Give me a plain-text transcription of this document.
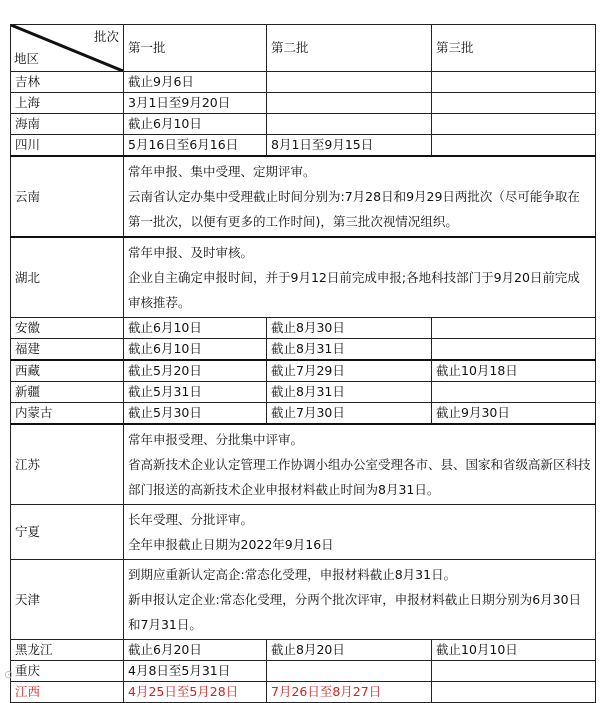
批次
地区	第一批	第二批	第三批
吉林	截止9月6日		
上海	3月1日至9月20日		
海南	截止6月10日		
四川	5月16日至6月16日	8月1日至9月15日	
云南	常年申报、集中受理、定期评审。
云南省认定办集中受理截止时间分别为:7月28日和9月29日两批次（尽可能争取在第一批次，以便有更多的工作时间)，第三批次视情况组织。		

湖北	常年申报、及时审核。
企业自主确定申报时间，并于9月12日前完成申报;各地科技部门于9月20日前完成审核推荐。		

安徽	截止6月10日	截止8月30日	
福建	截止6月10日	截止8月31日	
西藏	截止5月20日	截止7月29日	截止10月18日
新疆	截止5月31日	截止8月31日	
内蒙古	截止5月30日	截止7月30日	截止9月30日
江苏	常年申报受理、分批集中评审。
省高新技术企业认定管理工作协调小组办公室受理各市、县、国家和省级高新区科技部门报送的高新技术企业申报材料截止时间为8月31日。		

宁夏	长年受理、分批评审。
全年申报截止日期为2022年9月16日		

天津	到期应重新认定高企:常态化受理，申报材料截止8月31日。
新申报认定企业:常态化受理，分两个批次评审，申报材料截止日期分别为6月30日和7月31日。		

黑龙江	截止6月20日	截止8月20日	截止10月10日
重庆	4月8日至5月31日		
江西	4月25日至5月28日	7月26日至8月27日	
⊙
